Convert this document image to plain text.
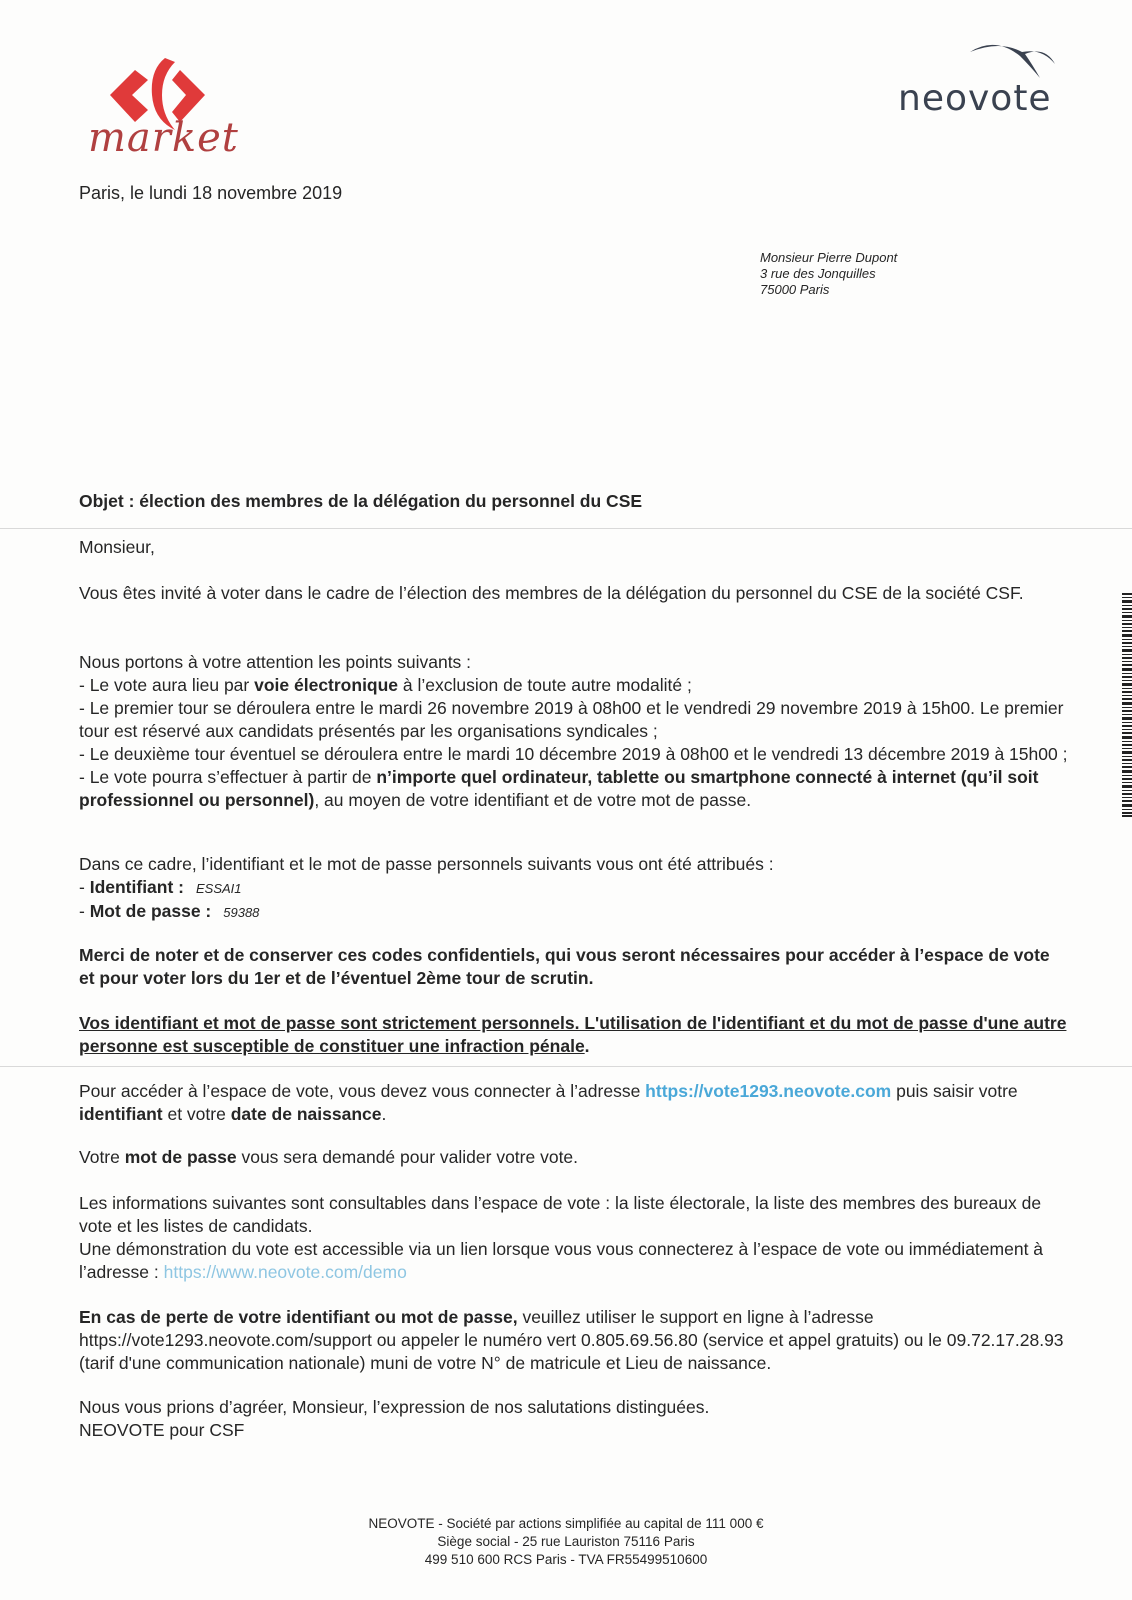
market
neovote
Paris, le lundi 18 novembre 2019
Monsieur Pierre Dupont
3 rue des Jonquilles
75000 Paris
Objet : élection des membres de la délégation du personnel du CSE
Monsieur,
Vous êtes invité à voter dans le cadre de l’élection des membres de la délégation du personnel du CSE de la société CSF.

Nous portons à votre attention les points suivants :

- Le vote aura lieu par voie électronique à l’exclusion de toute autre modalité ;

- Le premier tour se déroulera entre le mardi 26 novembre 2019 à 08h00 et le vendredi 29 novembre 2019 à 15h00. Le premier tour est réservé aux candidats présentés par les organisations syndicales ;

- Le deuxième tour éventuel se déroulera entre le mardi 10 décembre 2019 à 08h00 et le vendredi 13 décembre 2019 à 15h00 ;

- Le vote pourra s’effectuer à partir de n’importe quel ordinateur, tablette ou smartphone connecté à internet (qu’il soit professionnel ou personnel), au moyen de votre identifiant et de votre mot de passe.

Dans ce cadre, l’identifiant et le mot de passe personnels suivants vous ont été attribués :

- Identifiant : ESSAI1

- Mot de passe : 59388

Merci de noter et de conserver ces codes confidentiels, qui vous seront nécessaires pour accéder à l’espace de vote et pour voter lors du 1er et de l’éventuel 2ème tour de scrutin.
Vos identifiant et mot de passe sont strictement personnels. L'utilisation de l'identifiant et du mot de passe d'une autre personne est susceptible de constituer une infraction pénale.
Pour accéder à l’espace de vote, vous devez vous connecter à l’adresse https://vote1293.neovote.com puis saisir votre identifiant et votre date de naissance.
Votre mot de passe vous sera demandé pour valider votre vote.

Les informations suivantes sont consultables dans l’espace de vote : la liste électorale, la liste des membres des bureaux de vote et les listes de candidats.

Une démonstration du vote est accessible via un lien lorsque vous vous connecterez à l’espace de vote ou immédiatement à l’adresse : https://www.neovote.com/demo

En cas de perte de votre identifiant ou mot de passe, veuillez utiliser le support en ligne à l’adresse https://vote1293.neovote.com/support ou appeler le numéro vert 0.805.69.56.80 (service et appel gratuits) ou le 09.72.17.28.93 (tarif d'une communication nationale) muni de votre N° de matricule et Lieu de naissance.

Nous vous prions d’agréer, Monsieur, l’expression de nos salutations distinguées.

NEOVOTE pour CSF

NEOVOTE - Société par actions simplifiée au capital de 111 000 €
Siège social - 25 rue Lauriston 75116 Paris
499 510 600 RCS Paris - TVA FR55499510600
